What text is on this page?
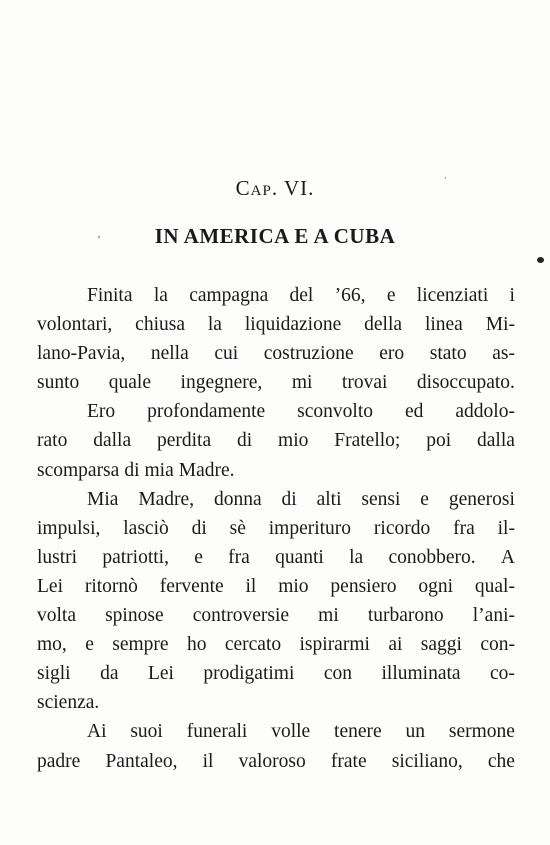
Cap. VI.
IN AMERICA E A CUBA
Finita la campagna del ’66, e licenziati i
volontari, chiusa la liquidazione della linea Mi-
lano-Pavia, nella cui costruzione ero stato as-
sunto quale ingegnere, mi trovai disoccupato.
Ero profondamente sconvolto ed addolo-
rato dalla perdita di mio Fratello; poi dalla
scomparsa di mia Madre.
Mia Madre, donna di alti sensi e generosi
impulsi, lasciò di sè imperituro ricordo fra il-
lustri patriotti, e fra quanti la conobbero. A
Lei ritornò fervente il mio pensiero ogni qual-
volta spinose controversie mi turbarono l’ani-
mo, e sempre ho cercato ispirarmi ai saggi con-
sigli da Lei prodigatimi con illuminata co-
scienza.
Ai suoi funerali volle tenere un sermone
padre Pantaleo, il valoroso frate siciliano, che
